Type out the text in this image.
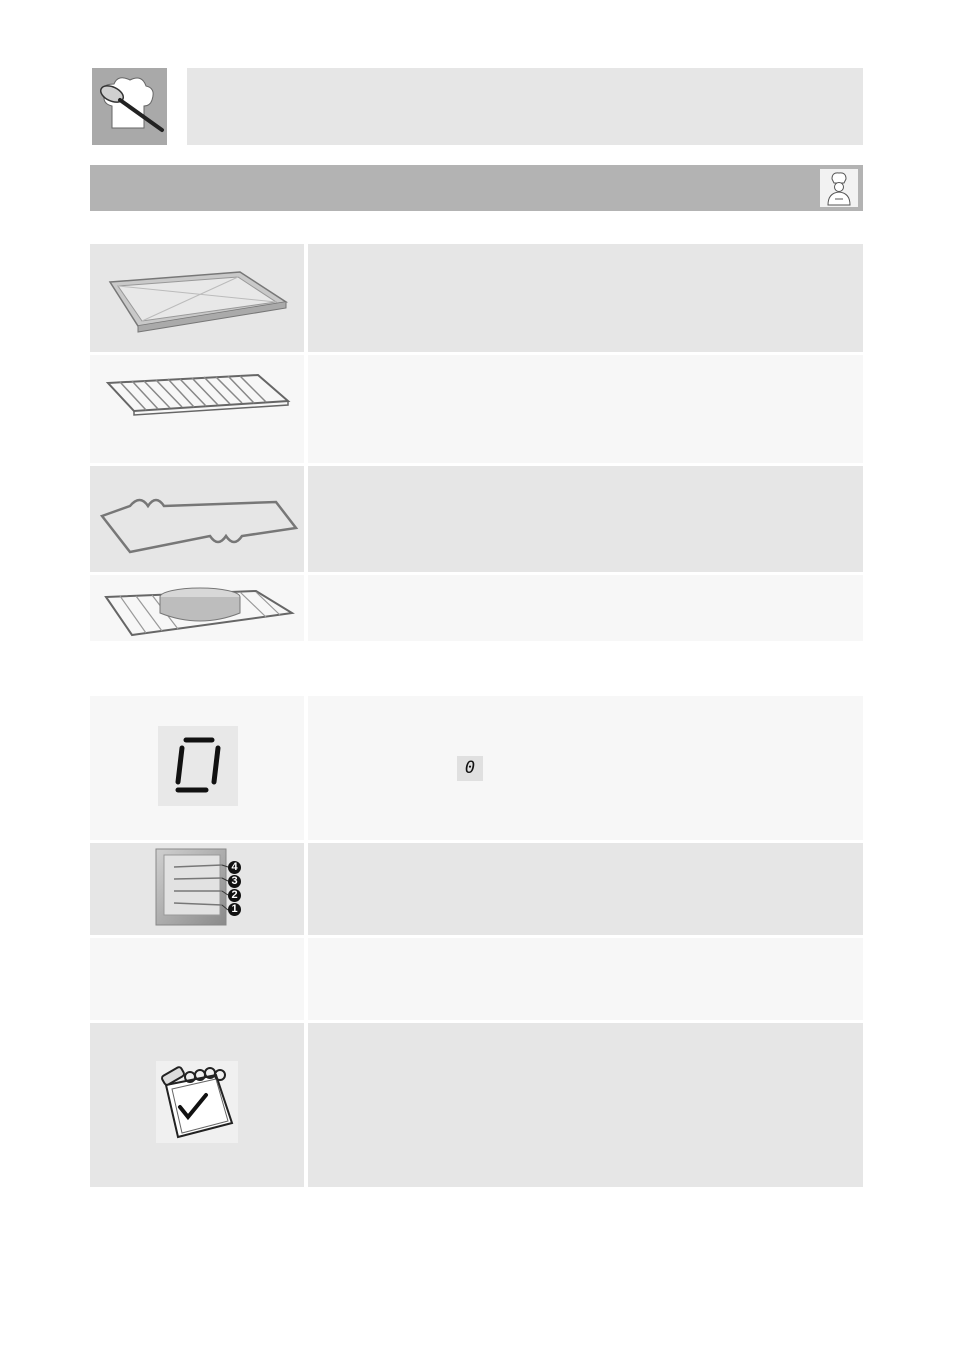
0
4
3
2
1
